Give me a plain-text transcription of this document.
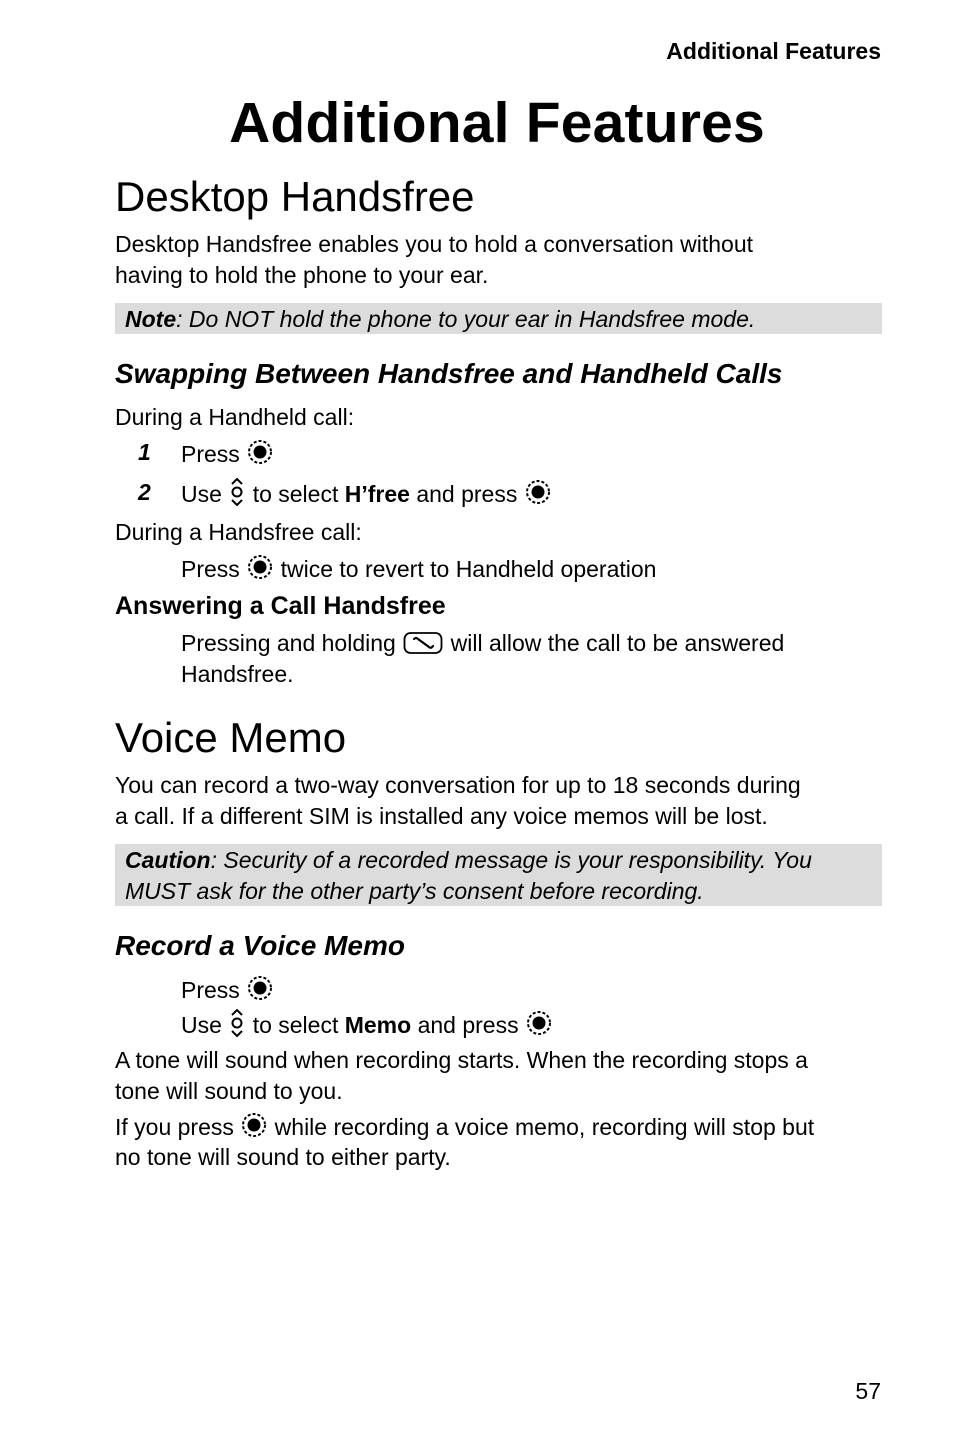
Additional Features
Additional Features
Desktop Handsfree
Desktop Handsfree enables you to hold a conversation without
having to hold the phone to your ear.
Note: Do NOT hold the phone to your ear in Handsfree mode.
Swapping Between Handsfree and Handheld Calls
During a Handheld call:
1 Press
2 Use to select H’free and press
During a Handsfree call:
Press twice to revert to Handheld operation
Answering a Call Handsfree
Pressing and holding will allow the call to be answered
Handsfree.
Voice Memo
You can record a two-way conversation for up to 18 seconds during
a call. If a different SIM is installed any voice memos will be lost.
Caution: Security of a recorded message is your responsibility. You
MUST ask for the other party’s consent before recording.
Record a Voice Memo
Press
Use to select Memo and press
A tone will sound when recording starts. When the recording stops a
tone will sound to you.
If you press while recording a voice memo, recording will stop but
no tone will sound to either party.
57
